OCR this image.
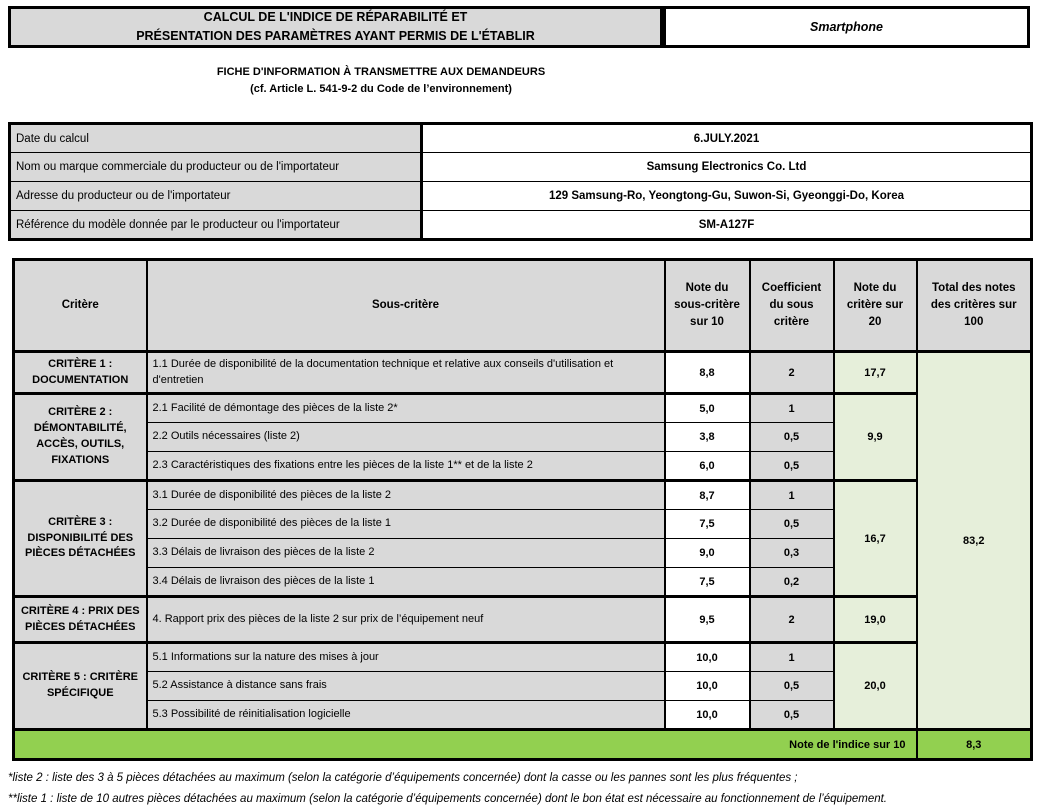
CALCUL DE L'INDICE DE RÉPARABILITÉ ET
PRÉSENTATION DES PARAMÈTRES AYANT PERMIS DE L'ÉTABLIR
Smartphone
FICHE D'INFORMATION À TRANSMETTRE AUX DEMANDEURS
(cf. Article L. 541-9-2 du Code de l’environnement)
Date du calcul	6.JULY.2021
Nom ou marque commerciale du producteur ou de l'importateur	Samsung Electronics Co. Ltd
Adresse du producteur ou de l'importateur	129 Samsung-Ro, Yeongtong-Gu, Suwon-Si, Gyeonggi-Do, Korea
Référence du modèle donnée par le producteur ou l'importateur	SM-A127F
Critère	Sous-critère	Note du sous-critère sur 10	Coefficient du sous critère	Note du critère sur 20	Total des notes des critères sur 100
CRITÈRE 1 : DOCUMENTATION	1.1 Durée de disponibilité de la documentation technique et relative aux conseils d'utilisation et d'entretien	8,8	2	17,7	83,2
CRITÈRE 2 : DÉMONTABILITÉ, ACCÈS, OUTILS, FIXATIONS	2.1 Facilité de démontage des pièces de la liste 2*	5,0	1	9,9	
	2.2 Outils nécessaires (liste 2)	3,8	0,5		
	2.3 Caractéristiques des fixations entre les pièces de la liste 1** et de la liste 2	6,0	0,5		
CRITÈRE 3 : DISPONIBILITÉ DES PIÈCES DÉTACHÉES	3.1 Durée de disponibilité des pièces de la liste 2	8,7	1	16,7	
	3.2 Durée de disponibilité des pièces de la liste 1	7,5	0,5		
	3.3 Délais de livraison des pièces de la liste 2	9,0	0,3		
	3.4 Délais de livraison des pièces de la liste 1	7,5	0,2		
CRITÈRE 4 : PRIX DES PIÈCES DÉTACHÉES	4. Rapport prix des pièces de la liste 2 sur prix de l’équipement neuf	9,5	2	19,0	
CRITÈRE 5 : CRITÈRE SPÉCIFIQUE	5.1 Informations sur la nature des mises à jour	10,0	1	20,0	
	5.2 Assistance à distance sans frais	10,0	0,5		
	5.3 Possibilité de réinitialisation logicielle	10,0	0,5		
Note de l'indice sur 10					8,3
*liste 2 : liste des 3 à 5 pièces détachées au maximum (selon la catégorie d’équipements concernée) dont la casse ou les pannes sont les plus fréquentes ;
**liste 1 : liste de 10 autres pièces détachées au maximum (selon la catégorie d’équipements concernée) dont le bon état est nécessaire au fonctionnement de l’équipement.
